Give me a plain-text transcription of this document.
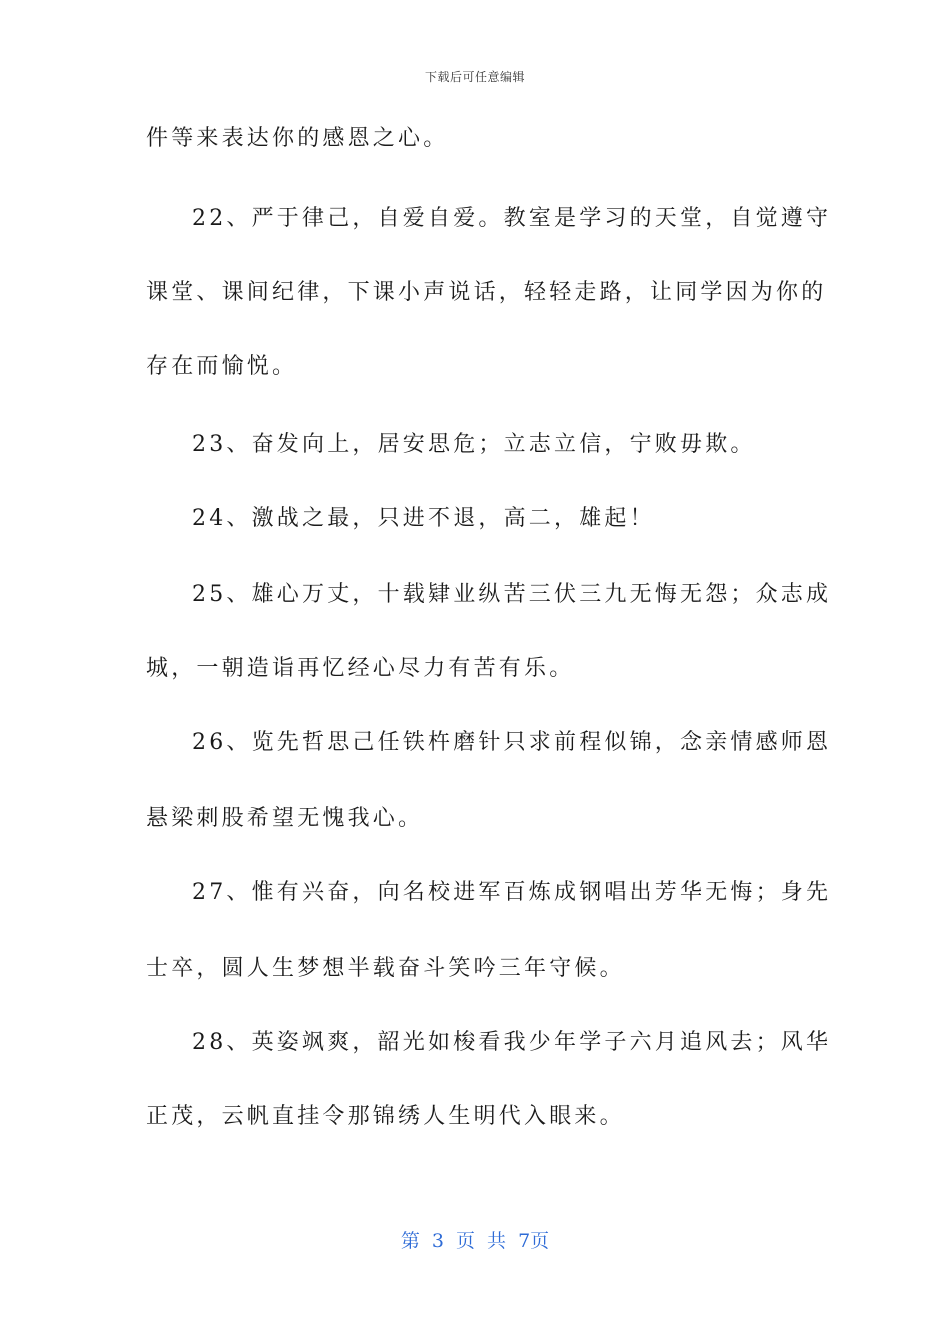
下载后可任意编辑
件等来表达你的感恩之心。
22、严于律己，自爱自爱。教室是学习的天堂，自觉遵守
课堂、课间纪律，下课小声说话，轻轻走路，让同学因为你的
存在而愉悦。
23、奋发向上，居安思危；立志立信，宁败毋欺。
24、激战之最，只进不退，高二，雄起！
25、雄心万丈，十载肄业纵苦三伏三九无悔无怨；众志成
城，一朝造诣再忆经心尽力有苦有乐。
26、览先哲思己任铁杵磨针只求前程似锦，念亲情感师恩
悬梁刺股希望无愧我心。
27、惟有兴奋，向名校进军百炼成钢唱出芳华无悔；身先
士卒，圆人生梦想半载奋斗笑吟三年守候。
28、英姿飒爽，韶光如梭看我少年学子六月追风去；风华
正茂，云帆直挂令那锦绣人生明代入眼来。
第 3 页 共 7页
